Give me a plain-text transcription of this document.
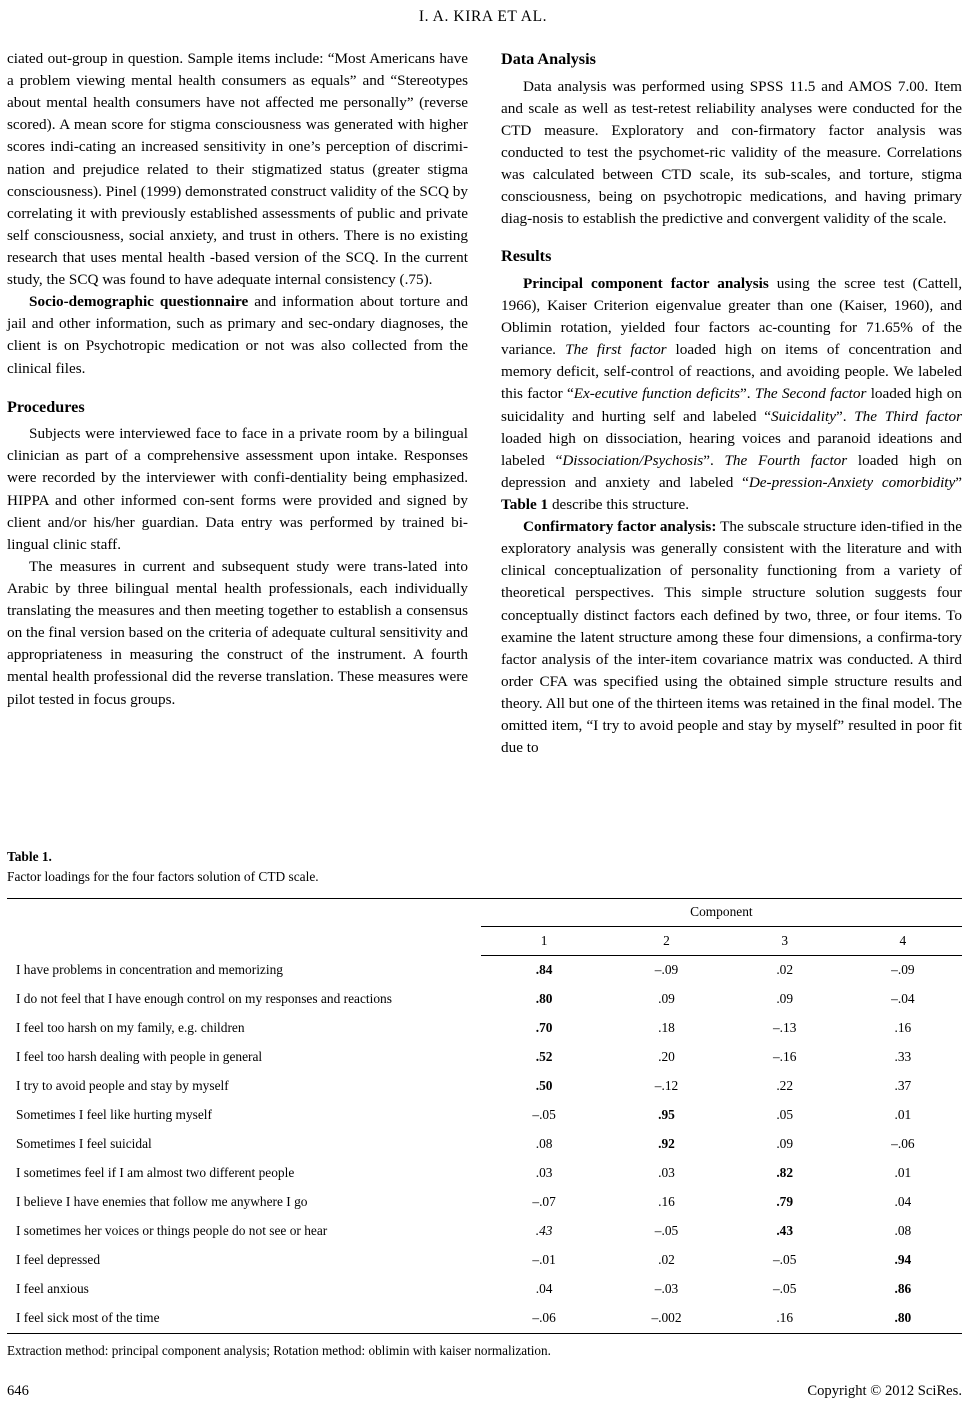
I. A. KIRA ET AL.

ciated out-group in question. Sample items include: “Most Americans have a problem viewing mental health consumers as equals” and “Stereotypes about mental health consumers have not affected me personally” (reverse scored). A mean score for stigma consciousness was generated with higher scores indi-cating an increased sensitivity in one’s perception of discrimi-nation and prejudice related to their stigmatized status (greater stigma consciousness). Pinel (1999) demonstrated construct validity of the SCQ by correlating it with previously established assessments of public and private self consciousness, social anxiety, and trust in others. There is no existing research that uses mental health -based version of the SCQ. In the current study, the SCQ was found to have adequate internal consistency (.75).

Socio-demographic questionnaire and information about torture and jail and other information, such as primary and sec-ondary diagnoses, the client is on Psychotropic medication or not was also collected from the clinical files.

Procedures

Subjects were interviewed face to face in a private room by a bilingual clinician as part of a comprehensive assessment upon intake. Responses were recorded by the interviewer with confi-dentiality being emphasized. HIPPA and other informed con-sent forms were provided and signed by client and/or his/her guardian. Data entry was performed by trained bi-lingual clinic staff.

The measures in current and subsequent study were trans-lated into Arabic by three bilingual mental health professionals, each individually translating the measures and then meeting together to establish a consensus on the final version based on the criteria of adequate cultural sensitivity and appropriateness in measuring the construct of the instrument. A fourth mental health professional did the reverse translation. These measures were pilot tested in focus groups.

Data Analysis

Data analysis was performed using SPSS 11.5 and AMOS 7.00. Item and scale as well as test-retest reliability analyses were conducted for the CTD measure. Exploratory and con-firmatory factor analysis was conducted to test the psychomet-ric validity of the measure. Correlations was calculated between CTD scale, its sub-scales, and torture, stigma consciousness, being on psychotropic medications, and having primary diag-nosis to establish the predictive and convergent validity of the scale.

Results

Principal component factor analysis using the scree test (Cattell, 1966), Kaiser Criterion eigenvalue greater than one (Kaiser, 1960), and Oblimin rotation, yielded four factors ac-counting for 71.65% of the variance. The first factor loaded high on items of concentration and memory deficit, self-control of reactions, and avoiding people. We labeled this factor “Ex-ecutive function deficits”. The Second factor loaded high on suicidality and hurting self and labeled “Suicidality”. The Third factor loaded high on dissociation, hearing voices and paranoid ideations and labeled “Dissociation/Psychosis”. The Fourth factor loaded high on depression and anxiety and labeled “De-pression-Anxiety comorbidity” Table 1 describe this structure.

Confirmatory factor analysis: The subscale structure iden-tified in the exploratory analysis was generally consistent with the literature and with clinical conceptualization of personality functioning from a variety of theoretical perspectives. This simple structure solution suggests four conceptually distinct factors each defined by two, three, or four items. To examine the latent structure among these four dimensions, a confirma-tory factor analysis of the inter-item covariance matrix was conducted. A third order CFA was specified using the obtained simple structure results and theory. All but one of the thirteen items was retained in the final model. The omitted item, “I try to avoid people and stay by myself” resulted in poor fit due to

Table 1.
Factor loadings for the four factors solution of CTD scale.

	Component			
	1	2	3	4
I have problems in concentration and memorizing	.84	–.09	.02	–.09
I do not feel that I have enough control on my responses and reactions	.80	.09	.09	–.04
I feel too harsh on my family, e.g. children	.70	.18	–.13	.16
I feel too harsh dealing with people in general	.52	.20	–.16	.33
I try to avoid people and stay by myself	.50	–.12	.22	.37
Sometimes I feel like hurting myself	–.05	.95	.05	.01
Sometimes I feel suicidal	.08	.92	.09	–.06
I sometimes feel if I am almost two different people	.03	.03	.82	.01
I believe I have enemies that follow me anywhere I go	–.07	.16	.79	.04
I sometimes her voices or things people do not see or hear	.43	–.05	.43	.08
I feel depressed	–.01	.02	–.05	.94
I feel anxious	.04	–.03	–.05	.86
I feel sick most of the time	–.06	–.002	.16	.80

Extraction method: principal component analysis; Rotation method: oblimin with kaiser normalization.
646	Copyright © 2012 SciRes.
